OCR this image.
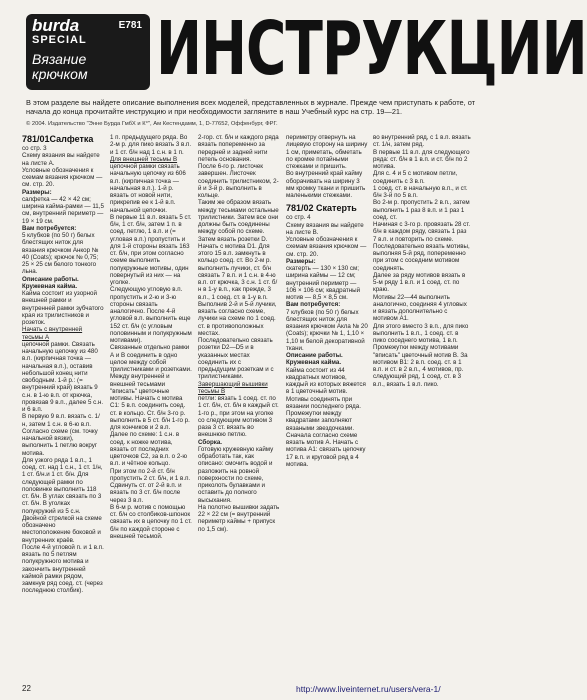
burda
SPECIAL
E781
Вязание
крючком	ИНСТРУКЦИИ
В этом разделе вы найдете описание выполнения всех моделей, представленных в журнале. Прежде чем приступать к работе, от начала до конца прочитайте инструкцию и при необходимости загляните в наш Учебный курс на стр. 19—21.
© 2004. Издательство "Энне Бурда ГмбХ и К°", Ам Кестендамм, 1, D-77652, Оффенбург, ФРГ.

781/01Салфетка

со стр. 3

Схему вязания вы найдете на листе А.

Условные обозначения к схемам вязания крючком — см. стр. 20.

Размеры:

салфетка — 42 × 42 см; ширина кайма-рамки — 11,5 см, внутренний перимeтр — 19 × 19 см.

Вам потребуется:

5 клубков (по 50 г) белых блестящих ниток для вязания крючком Анкор № 40 (Coats); крючок № 0,75; 25 × 25 см белого тонкого льна.

Описание работы. Кружевная кайма.

Кайма состоит из узорной внешней рамки и внутренней рамки зубчатого края из трилистников и розеток.

Начать с внутренней тесьмы А

цепочной рамки. Связать начальную цепочку из 480 в.п. (кирпичная точка — начальная в.п.), оставив небольшой конец нити свободным. 1-й р.: (= внутренний край) вязать 9 с.н. в 1-ю в.п. от крючка, провязав 9 в.п., далее 5 с.н. и 6 в.п.

В первую 9 в.п. вязать с. 1/н, затем 1 с.н. в 6-ю в.п. Согласно схеме (см. точку начальной вязки), выполнить 1 петлю вокруг мотива.

Для узкого ряда 1 в.п., 1 соед. ст. над 1 с.н., 1 ст. 1/н, 1 ст. б/н.и 1 ст. б/н. Для следующей рамки по половинке выполнить 118 ст. б/н. В углах связать по 3 ст. б/н. В уголках полукружий из 5 с.н. Двойной стрелкой на схеме обозначено местоположение боковой и внутренних краёв.

После 4-й угловой п. и 1 в.п. вязать по 5 петлям полукружного мотива и закончить внутренней каймой рамки рядом, замкнув ряд соед. ст. (через последнюю столбик).

1 п. предыдущего ряда. Во 2-м р. для пико вязать 3 в.п. и 1 ст. б/н над 1 с.н. в 1 п.

Для внешней тесьмы В

цепочной рамки связать начальную цепочку из 606 в.п. (кирпичная точка — начальная в.п.). 1-й р. вязать от новой нити, прикрепив ее к 1-й в.п. начальной цепочки.

В первые 11 в.п. вязать 5 ст. б/н, 1 ст. б/н, затем 1 п. в соед. петлю, 1 в.п. и (= угловая в.п.) пропустить и для 1-й стороны вязать 163 ст. б/н, при этом согласно схеме выполнить полукружные мотивы, один повернутый из них — на уголке.

Следующую угловую в.п. пропустить и 2-ю и 3-ю стороны связать аналогично. После 4-й угловой в.п. выполнить еще 152 ст. б/н (с угловым половинным и полукружным мотивами).

Связанные отдельно рамки А и В соединить в одно целое между собой трилистниками и розетками.

Между внутренней и внешней тесьмами "вписать" цветочные мотивы. Начать с мотива С1: 5 в.п. соединить соед. ст. в кольцо. Ст. б/н 3-го р. выполнить в 5 ст. б/н 1-го р. для кончиков и 2 в.п.

Далее по схеме: 1 с.н. в соед. к ножке мотива, вязать от последних цветочков С2, за в.п. о 2-ю в.п. и чётное кольцо.

При этом по 2-й ст. б/н пропустить 2 ст. б/н, и 1 в.п. Сдвинуть ст. от 2-й в.п. и вязать по 3 ст. б/н после через 3 в.п.

В 6-м р. мотив с помощью ст. б/н со столбиков-шпонок связать их в цепочку по 1 ст. б/н по каждой стороне с внешней тесьмой.

2-гор. ст. б/н и каждого ряда вязать попеременно за передней и задней нити петель основания.

После 6-го р. листочек завершен. Листочек соединить трилистником, 2-й и 3-й р. выполнить в кольце.

Таким же образом вязать между тесьмами остальные трилистники. Затем все они должны быть соединены между собой по схеме.

Затем вязать розетки D. Начать с мотива D1. Для этого 15 в.п. замкнуть в кольцо соед. ст. Во 2-м р. выполнить лучики, ст. б/н связать 7 в.п. и 1 с.н. в 4-ю в.п. от крючка, 3 с.н. 1 ст. б/н в 1-у в.п., как прежде, 3 в.п., 1 соед. ст. в 1-у в.п.

Выполнив 2-й и 5-й лучики, вязать согласно схеме, лучики на схеме по 1 соед. ст. в противоположных местах.

Последовательно связать розетки D2—D5 и в указанных местах соединить их с предыдущим розеткам и с трилистниками.

Завершающий вышивки тесьмы В

петли: вязать 1 соед. ст. по 1 ст. б/н, ст. б/н в каждый ст. 1-го р., при этом на уголке со следующим мотивом 3 раза 3 ст. вязать во внешнюю петлю.

Сборка.

Готовую кружевную кайму обработать так, как описано: смочить водой и разложить на ровной поверхности по схеме, приколоть булавками и оставить до полного высыхания.

На полотно вышивки задать 22 × 22 см (= внутренний периметр каймы + припуск по 1,5 см).

периметру отвернуть на лицевую сторону на ширину 1 см, приметать, обметать по кромке потайными стежками и пришить.

Во внутренний край кайму оборачивать на ширину 3 мм кромку ткани и пришить маленькими стежками.

781/02 Скатерть

со стр. 4

Схему вязания вы найдете на листе В.

Условные обозначения к схемам вязания крючком — см. стр. 20.

Размеры:

скатерть — 130 × 130 см; ширина каймы — 12 см; внутренний периметр — 106 × 106 см; квадратный мотив — 8,5 × 8,5 см.

Вам потребуется:

7 клубков (по 50 г) белых блестящих ниток для вязания крючком Акла № 20 (Coats); крючки № 1, 1,10 × 1,10 м белой декоративной ткани.

Описание работы. Кружевная кайма.

Кайма состоит из 44 квадратных мотивов, каждый из которых вяжется в 1 цветочный мотив.

Мотивы соединять при вязании последнего ряда. Промежутки между квадратами заполняют вязаными звездочками.

Сначала согласно схеме вязать мотив А. Начать с мотива А1: связать цепочку 17 в.п. и круговой ряд в 4 мотива.

во внутренний ряд, с 1 в.п. вязать ст. 1/н, затем ряд.

В первые 11 в.п. для следующего ряда: ст. б/н в 1 в.п. и ст. б/н по 2 мотива.

Для с. 4 и 5 с мотивом петли, соединить с 3 в.п.

1 соед. ст. в начальную в.п., и ст. б/н 3-й по 5 в.п.

Во 2-м р. пропустить 2 в.п., затем выполнить 1 раз 8 в.п. и 1 раз 1 соед. ст.

Начиная с 3-го р. провязать 28 ст. б/н в каждом ряду, связать 1 раз 7 в.п. и повторить по схеме.

Последовательно вязать мотивы, выполняя 5-й ряд, попеременно при этом с соседним мотивом соединять.

Далее за ряду мотивов вязать в 5-м ряду 1 в.п. и 1 соед. ст. по краю.

Мотивы 22—44 выполнить аналогично, соединяя 4 угловых и вязать дополнительно с мотивом А1.

Для этого вместо 3 в.п., для пико выполнить 1 в.п., 1 соед. ст. в пико соседнего мотива, 1 в.п.

Промежутки между мотивами "вписать" цветочный мотив В. За мотивом В1: 2 в.п. соед. ст. в 1 в.п. и ст. в 2 в.п., 4 мотивов, пр. следующий ряд, 1 соед. ст. в 3 в.п., вязать 1 в.п. пикo.

22	http://www.liveinternet.ru/users/vera-1/
